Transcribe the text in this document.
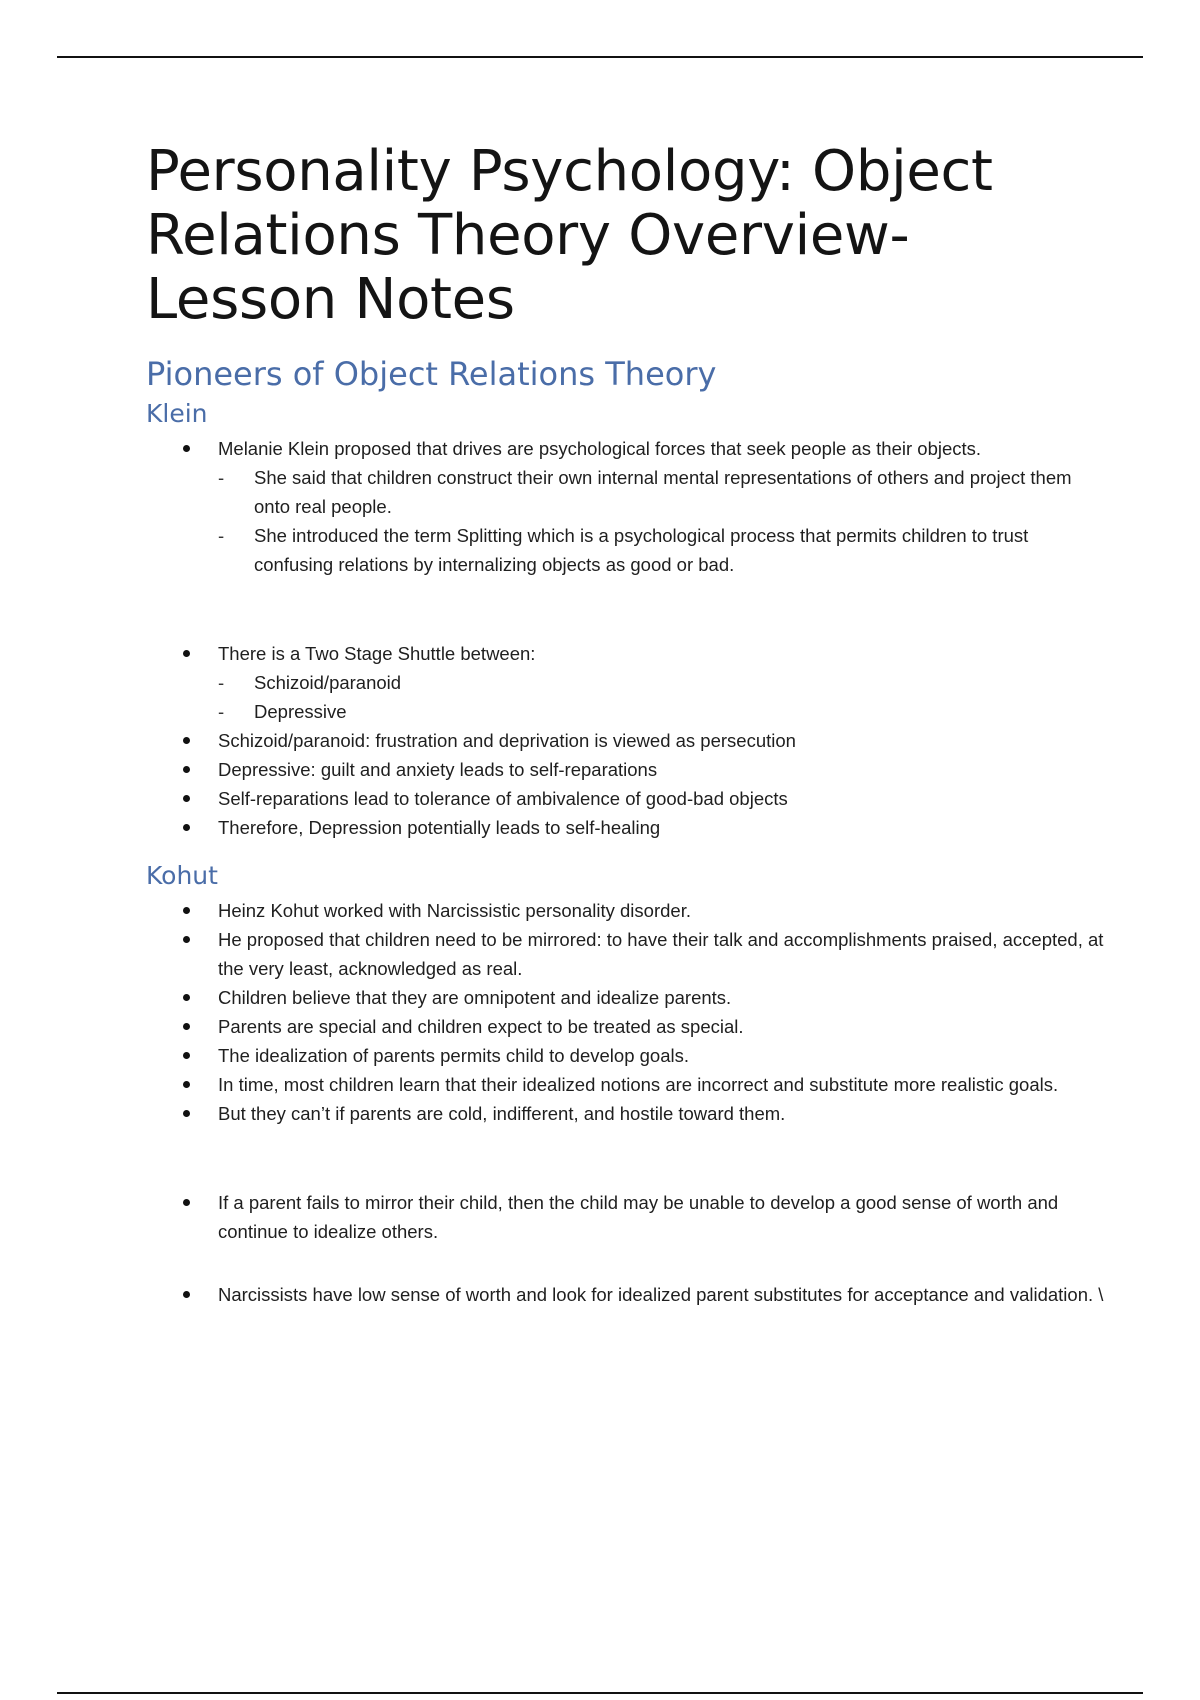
Personality Psychology: Object Relations Theory Overview- Lesson Notes
Pioneers of Object Relations Theory
Klein
Melanie Klein proposed that drives are psychological forces that seek people as their objects.
-	She said that children construct their own internal mental representations of others and project them onto real people.
-	She introduced the term Splitting which is a psychological process that permits children to trust confusing relations by internalizing objects as good or bad.
There is a Two Stage Shuttle between:
-	Schizoid/paranoid
-	Depressive
Schizoid/paranoid: frustration and deprivation is viewed as persecution
Depressive: guilt and anxiety leads to self-reparations
Self-reparations lead to tolerance of ambivalence of good-bad objects
Therefore, Depression potentially leads to self-healing
Kohut
Heinz Kohut worked with Narcissistic personality disorder.
He proposed that children need to be mirrored: to have their talk and accomplishments praised, accepted, at the very least, acknowledged as real.
Children believe that they are omnipotent and idealize parents.
Parents are special and children expect to be treated as special.
The idealization of parents permits child to develop goals.
In time, most children learn that their idealized notions are incorrect and substitute more realistic goals.
But they can’t if parents are cold, indifferent, and hostile toward them.
If a parent fails to mirror their child, then the child may be unable to develop a good sense of worth and continue to idealize others.
Narcissists have low sense of worth and look for idealized parent substitutes for acceptance and validation. \
